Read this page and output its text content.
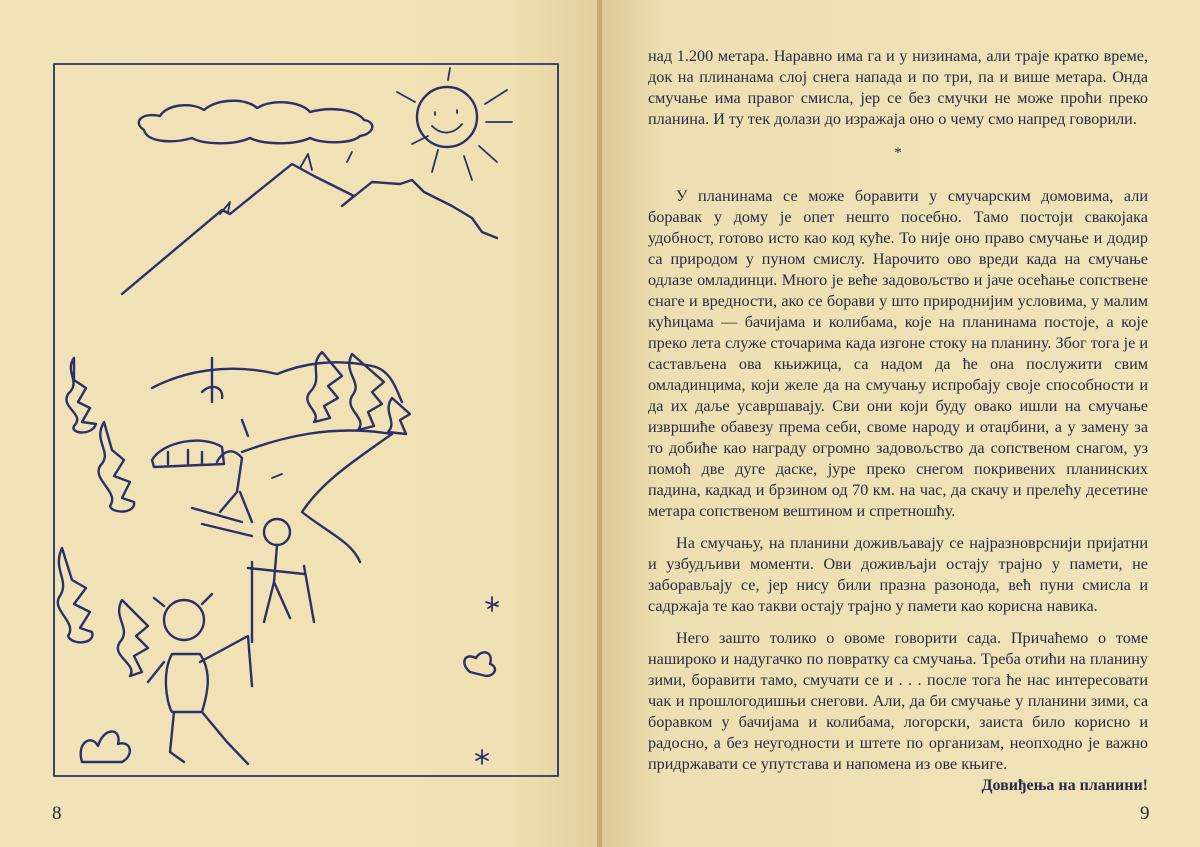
8	9

над 1.200 метара. Наравно има га и у низинама, али траје кратко време, док на плинанама слој снега напада и по три, па и више метара. Онда смучање има правог смисла, јер се без смучки не може проћи преко планина. И ту тек долази до изражаја оно о чему смо напред говорили.

*

У планинама се може боравити у смучарским домовима, али боравак у дому је опет нешто посебно. Тамо постоји свакојака удобност, готово исто као код куће. То није оно право смучање и додир са природом у пуном смислу. Нарочито ово вреди када на смучање одлазе омладинци. Много је веће задовољство и јаче осећање сопствене снаге и вредности, ако се борави у што природнијим условима, у малим кућицама — бачијама и колибама, које на планинама постоје, а које преко лета служе сточарима када изгоне стоку на планину. Због тога је и састављена ова књижица, са надом да ће она послужити свим омладинцима, који желе да на смучању испробају своје способности и да их даље усавршавају. Сви они који буду овако ишли на смучање извршиће обавезу према себи, своме народу и отаџбини, а у замену за то добиће као награду огромно задовољство да сопственом снагом, уз помоћ две дуге даске, јуре преко снегом покривених планинских падина, кадкад и брзином од 70 км. на час, да скачу и прелећу десетине метара сопственом вештином и спретношћу.

На смучању, на планини доживљавају се најразноврснији пријатни и узбудљиви моменти. Ови доживљаји остају трајно у памети, не заборављају се, јер нису били празна разонода, већ пуни смисла и садржаја те као такви остају трајно у памети као корисна навика.

Него зашто толико о овоме говорити сада. Причаћемо о томе нашироко и надугачко по повратку са смучања. Треба отићи на планину зими, боравити тамо, смучати се и . . . после тога ће нас интересовати чак и прошлогодишњи снегови. Али, да би смучање у планини зими, са боравком у бачијама и колибама, логорски, заиста било корисно и радосно, а без неугодности и штете по организам, неопходно је важно придржавати се упутстава и напомена из ове књиге.

Довиђења на планини!
